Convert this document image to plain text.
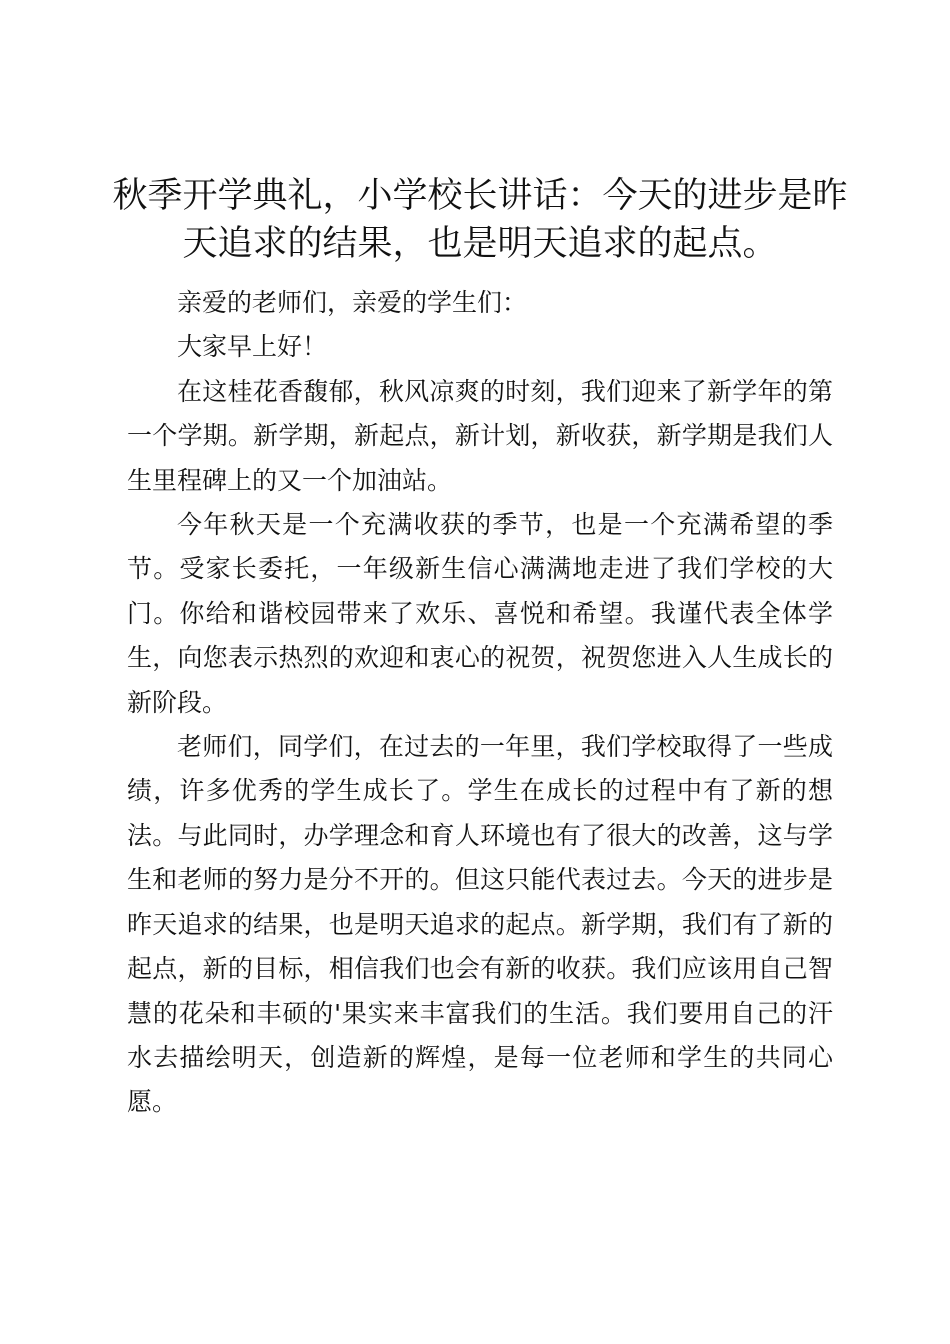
秋季开学典礼，小学校长讲话：今天的进步是昨天追求的结果，也是明天追求的起点。

亲爱的老师们，亲爱的学生们：

大家早上好！

在这桂花香馥郁，秋风凉爽的时刻，我们迎来了新学年的第一个学期。新学期，新起点，新计划，新收获，新学期是我们人生里程碑上的又一个加油站。

今年秋天是一个充满收获的季节，也是一个充满希望的季节。受家长委托，一年级新生信心满满地走进了我们学校的大门。你给和谐校园带来了欢乐、喜悦和希望。我谨代表全体学生，向您表示热烈的欢迎和衷心的祝贺，祝贺您进入人生成长的新阶段。

老师们，同学们，在过去的一年里，我们学校取得了一些成绩，许多优秀的学生成长了。学生在成长的过程中有了新的想法。与此同时，办学理念和育人环境也有了很大的改善，这与学生和老师的努力是分不开的。但这只能代表过去。今天的进步是昨天追求的结果，也是明天追求的起点。新学期，我们有了新的起点，新的目标，相信我们也会有新的收获。我们应该用自己智慧的花朵和丰硕的'果实来丰富我们的生活。我们要用自己的汗水去描绘明天，创造新的辉煌，是每一位老师和学生的共同心愿。
